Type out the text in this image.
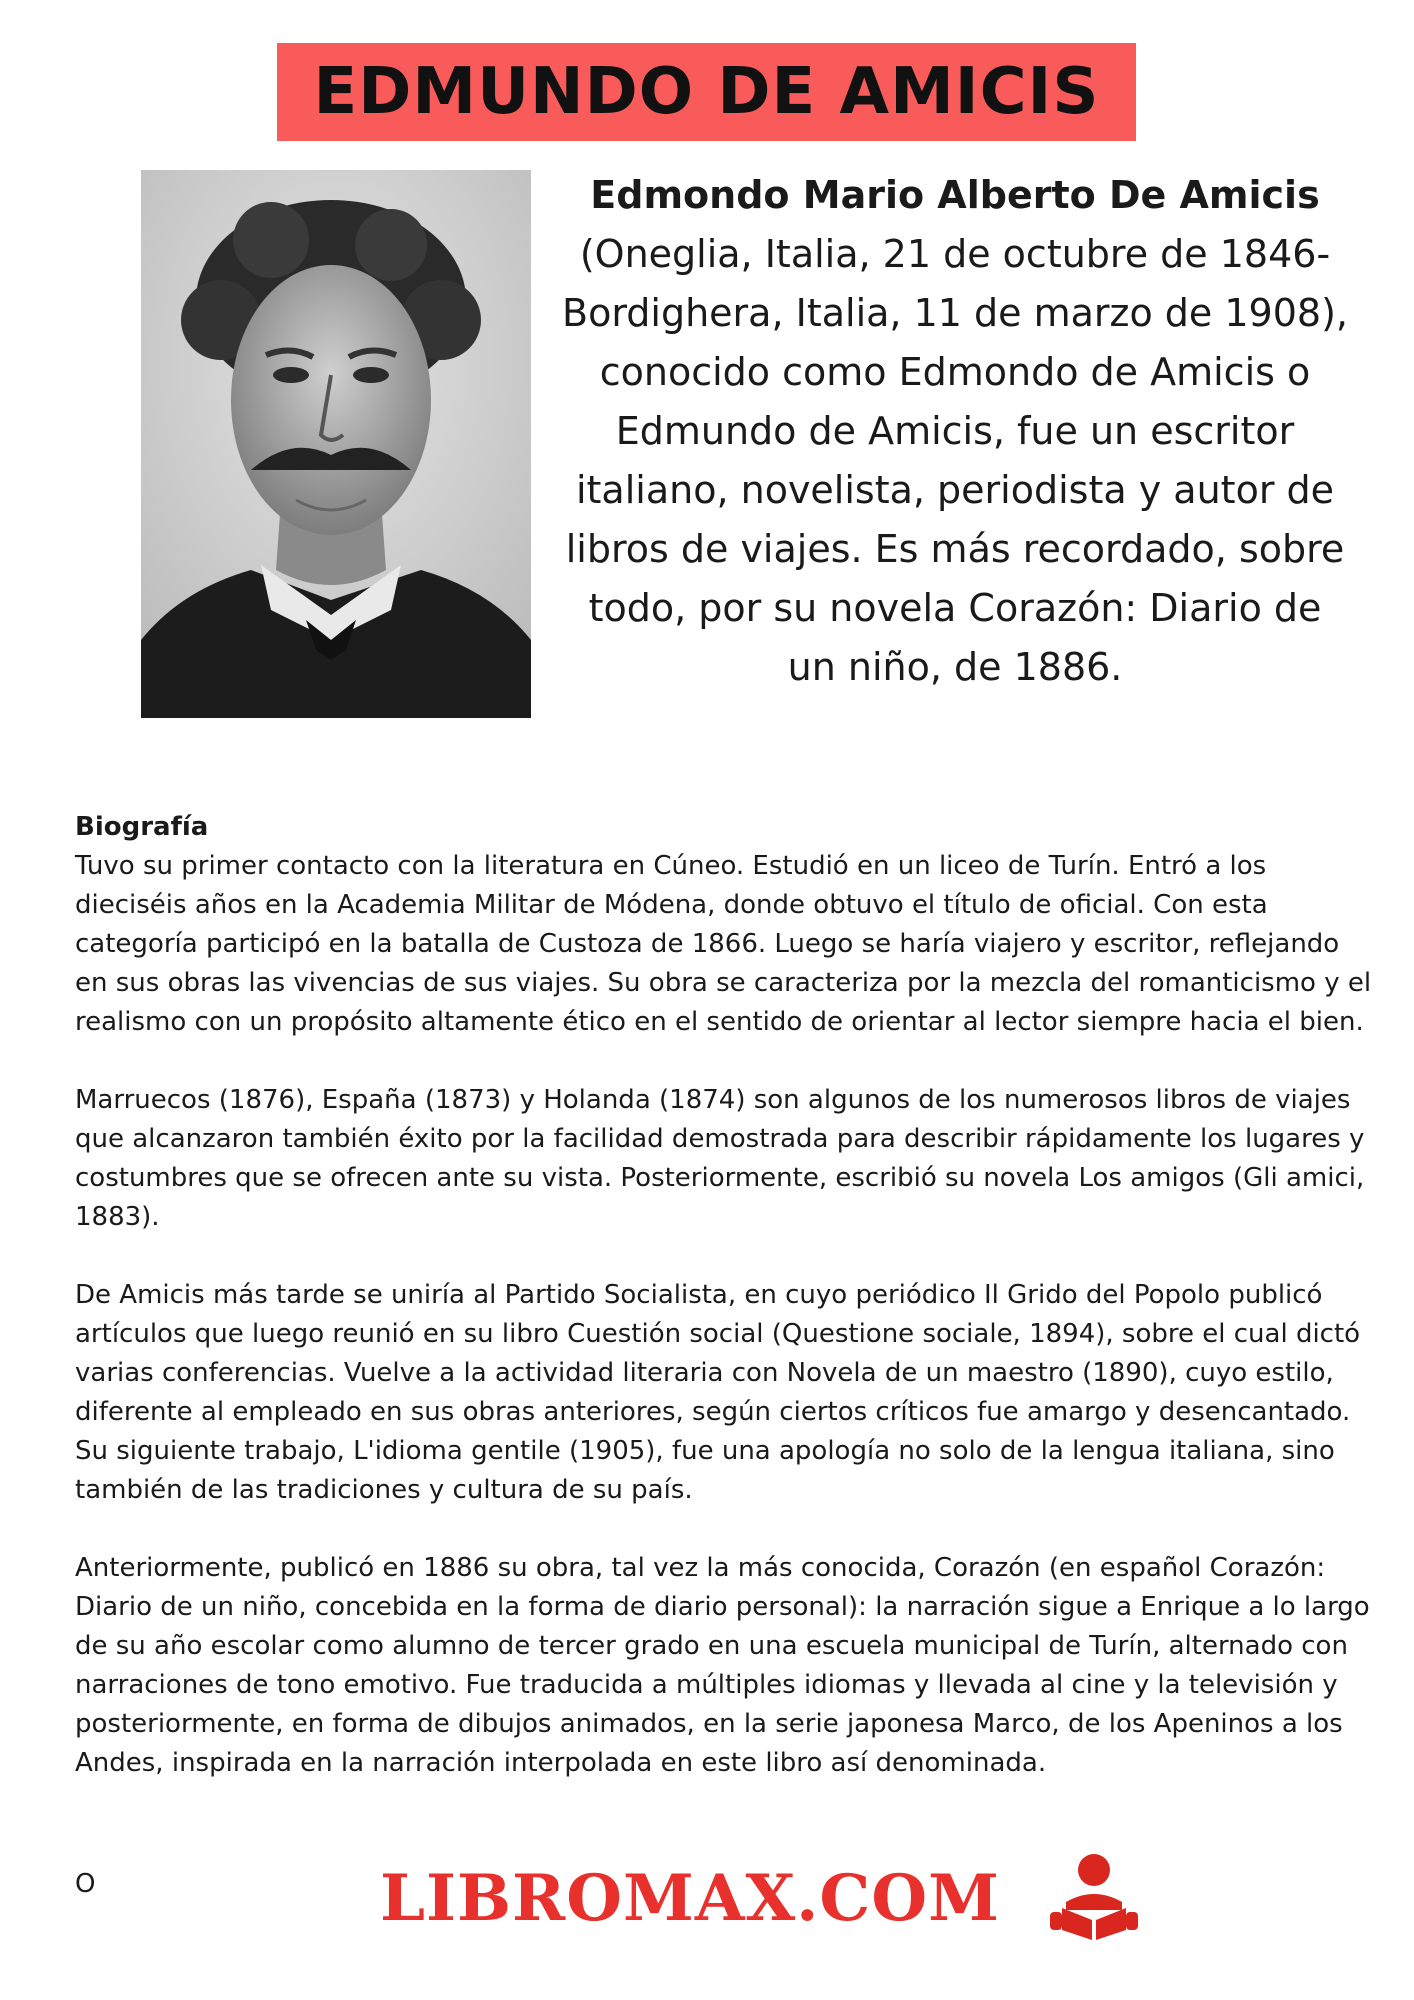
EDMUNDO DE AMICIS
Edmondo Mario Alberto De Amicis
(Oneglia, Italia, 21 de octubre de 1846-Bordighera, Italia, 11 de marzo de 1908), conocido como Edmondo de Amicis o Edmundo de Amicis, fue un escritor italiano, novelista, periodista y autor de libros de viajes. Es más recordado, sobre todo, por su novela Corazón: Diario de un niño, de 1886.
Biografía

Tuvo su primer contacto con la literatura en Cúneo. Estudió en un liceo de Turín. Entró a los dieciséis años en la Academia Militar de Módena, donde obtuvo el título de oficial. Con esta categoría participó en la batalla de Custoza de 1866. Luego se haría viajero y escritor, reflejando en sus obras las vivencias de sus viajes. Su obra se caracteriza por la mezcla del romanticismo y el realismo con un propósito altamente ético en el sentido de orientar al lector siempre hacia el bien.

Marruecos (1876), España (1873) y Holanda (1874) son algunos de los numerosos libros de viajes que alcanzaron también éxito por la facilidad demostrada para describir rápidamente los lugares y costumbres que se ofrecen ante su vista. Posteriormente, escribió su novela Los amigos (Gli amici, 1883).

De Amicis más tarde se uniría al Partido Socialista, en cuyo periódico Il Grido del Popolo publicó artículos que luego reunió en su libro Cuestión social (Questione sociale, 1894), sobre el cual dictó varias conferencias. Vuelve a la actividad literaria con Novela de un maestro (1890), cuyo estilo, diferente al empleado en sus obras anteriores, según ciertos críticos fue amargo y desencantado. Su siguiente trabajo, L'idioma gentile (1905), fue una apología no solo de la lengua italiana, sino también de las tradiciones y cultura de su país.

Anteriormente, publicó en 1886 su obra, tal vez la más conocida, Corazón (en español Corazón: Diario de un niño, concebida en la forma de diario personal): la narración sigue a Enrique a lo largo de su año escolar como alumno de tercer grado en una escuela municipal de Turín, alternado con narraciones de tono emotivo. Fue traducida a múltiples idiomas y llevada al cine y la televisión y posteriormente, en forma de dibujos animados, en la serie japonesa Marco, de los Apeninos a los Andes, inspirada en la narración interpolada en este libro así denominada.

O	LIBROMAX.COM
